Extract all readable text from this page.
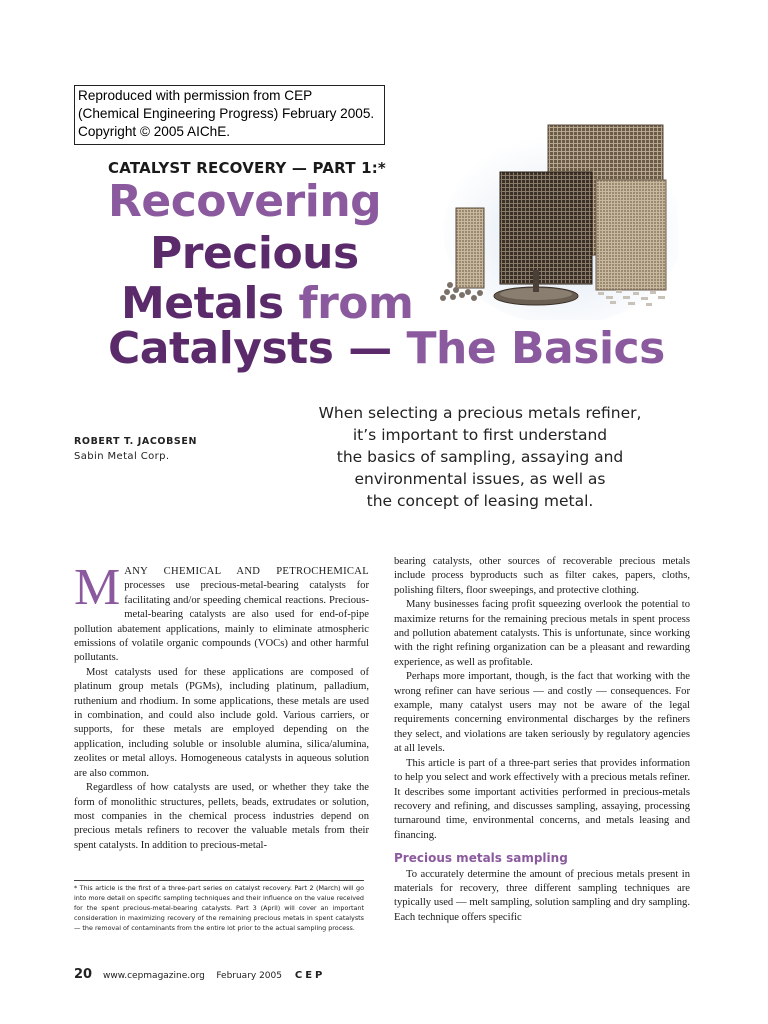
Reproduced with permission from CEP
(Chemical Engineering Progress) February 2005.
Copyright © 2005 AIChE.
CATALYST RECOVERY — PART 1:*
Recovering
Precious
Metals from
Catalysts — The Basics
When selecting a precious metals refiner,
it’s important to first understand
the basics of sampling, assaying and
environmental issues, as well as
the concept of leasing metal.
ROBERT T. JACOBSEN
Sabin Metal Corp.

MANY CHEMICAL AND PETROCHEMICAL processes use precious-metal-bearing catalysts for facilitating and/or speeding chemical reactions. Precious-metal-bearing catalysts are also used for end-of-pipe pollution abatement applications, mainly to eliminate atmospheric emissions of volatile organic compounds (VOCs) and other harmful pollutants.

Most catalysts used for these applications are composed of platinum group metals (PGMs), including platinum, palladium, ruthenium and rhodium. In some applications, these metals are used in combination, and could also include gold. Various carriers, or supports, for these metals are employed depending on the application, including soluble or insoluble alumina, silica/alumina, zeolites or metal alloys. Homogeneous catalysts in aqueous solution are also common.

Regardless of how catalysts are used, or whether they take the form of monolithic structures, pellets, beads, extrudates or solution, most companies in the chemical process industries depend on precious metals refiners to recover the valuable metals from their spent catalysts. In addition to precious-metal-

bearing catalysts, other sources of recoverable precious metals include process byproducts such as filter cakes, papers, cloths, polishing filters, floor sweepings, and protective clothing.

Many businesses facing profit squeezing overlook the potential to maximize returns for the remaining precious metals in spent process and pollution abatement catalysts. This is unfortunate, since working with the right refining organization can be a pleasant and rewarding experience, as well as profitable.

Perhaps more important, though, is the fact that working with the wrong refiner can have serious — and costly — consequences. For example, many catalyst users may not be aware of the legal requirements concerning environmental discharges by the refiners they select, and violations are taken seriously by regulatory agencies at all levels.

This article is part of a three-part series that provides information to help you select and work effectively with a precious metals refiner. It describes some important activities performed in precious-metals recovery and refining, and discusses sampling, assaying, processing turnaround time, environmental concerns, and metals leasing and financing.

Precious metals sampling

To accurately determine the amount of precious metals present in materials for recovery, three different sampling techniques are typically used — melt sampling, solution sampling and dry sampling. Each technique offers specific

* This article is the first of a three-part series on catalyst recovery. Part 2 (March) will go into more detail on specific sampling techniques and their influence on the value received for the spent precious-metal-bearing catalysts. Part 3 (April) will cover an important consideration in maximizing recovery of the remaining precious metals in spent catalysts — the removal of contaminants from the entire lot prior to the actual sampling process.
20 www.cepmagazine.org February 2005 CEP
